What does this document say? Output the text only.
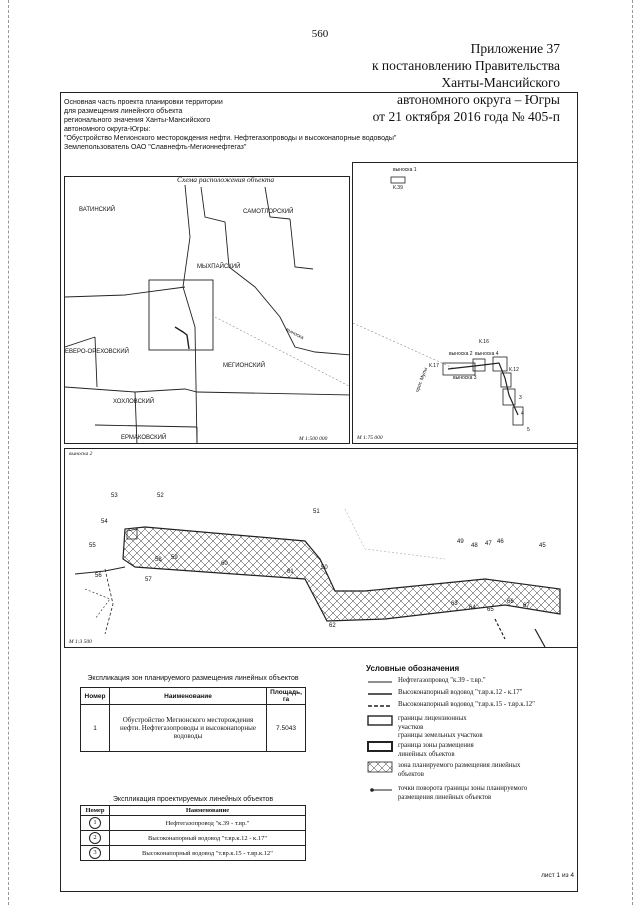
560
Приложение 37
к постановлению Правительства
Ханты-Мансийского
автономного округа – Югры
от 21 октября 2016 года № 405-п
Основная часть проекта планировки территории
для размещения линейного объекта
регионального значения Ханты-Мансийского
автономного округа-Югры:
"Обустройство Мегионского месторождения нефти. Нефтегазопроводы и высоконапорные водоводы"
Землепользователь ОАО "Славнефть-Мегионнефтегаз"
Схема расположения объекта
ВАТИНСКИЙ	САМОТЛОРСКИЙ
МЫХПАЙСКИЙ
ЕВЕРО-ОРЕХОВСКИЙ
МЕГИОНСКИЙ
ХОХЛОВСКИЙ
ЕРМАКОВСКИЙ
выноска
М 1:500 000
выноска 1
К.39
выноска 2 выноска 4
выноска 3
К.17
К.16
К.12
прот. Мулы
3
4
5
М 1:75 000
выноска 2
53	52
54
51
55
58 59
60
61
56
57
50
49
48 47 46
45
63
64 65
66
67
62
М 1:3 500
Экспликация зон планируемого размещения линейных объектов
Номер	Наименование	Площадь, га
1	Обустройство Мегионского месторождения нефти. Нефтегазопроводы и высоконапорные водоводы	7.5043
Экспликация проектируемых линейных объектов
Номер	Наименование
1	Нефтегазопровод "к.39 - т.вр."
2	Высоконапорный водовод "т.вр.к.12 - к.17"
3	Высоконапорный водовод "т.вр.к.15 - т.вр.к.12"
Условные обозначения
Нефтегазопровод "к.39 - т.вр."
Высоконапорный водовод "т.вр.к.12 - к.17"
Высоконапорный водовод "т.вр.к.15 - т.вр.к.12"
границы лицензионных участков
границы земельных участков
граница зоны размещения линейных объектов
зона планируемого размещения линейных объектов
точки поворота границы зоны планируемого размещения линейных объектов
лист 1 из 4
